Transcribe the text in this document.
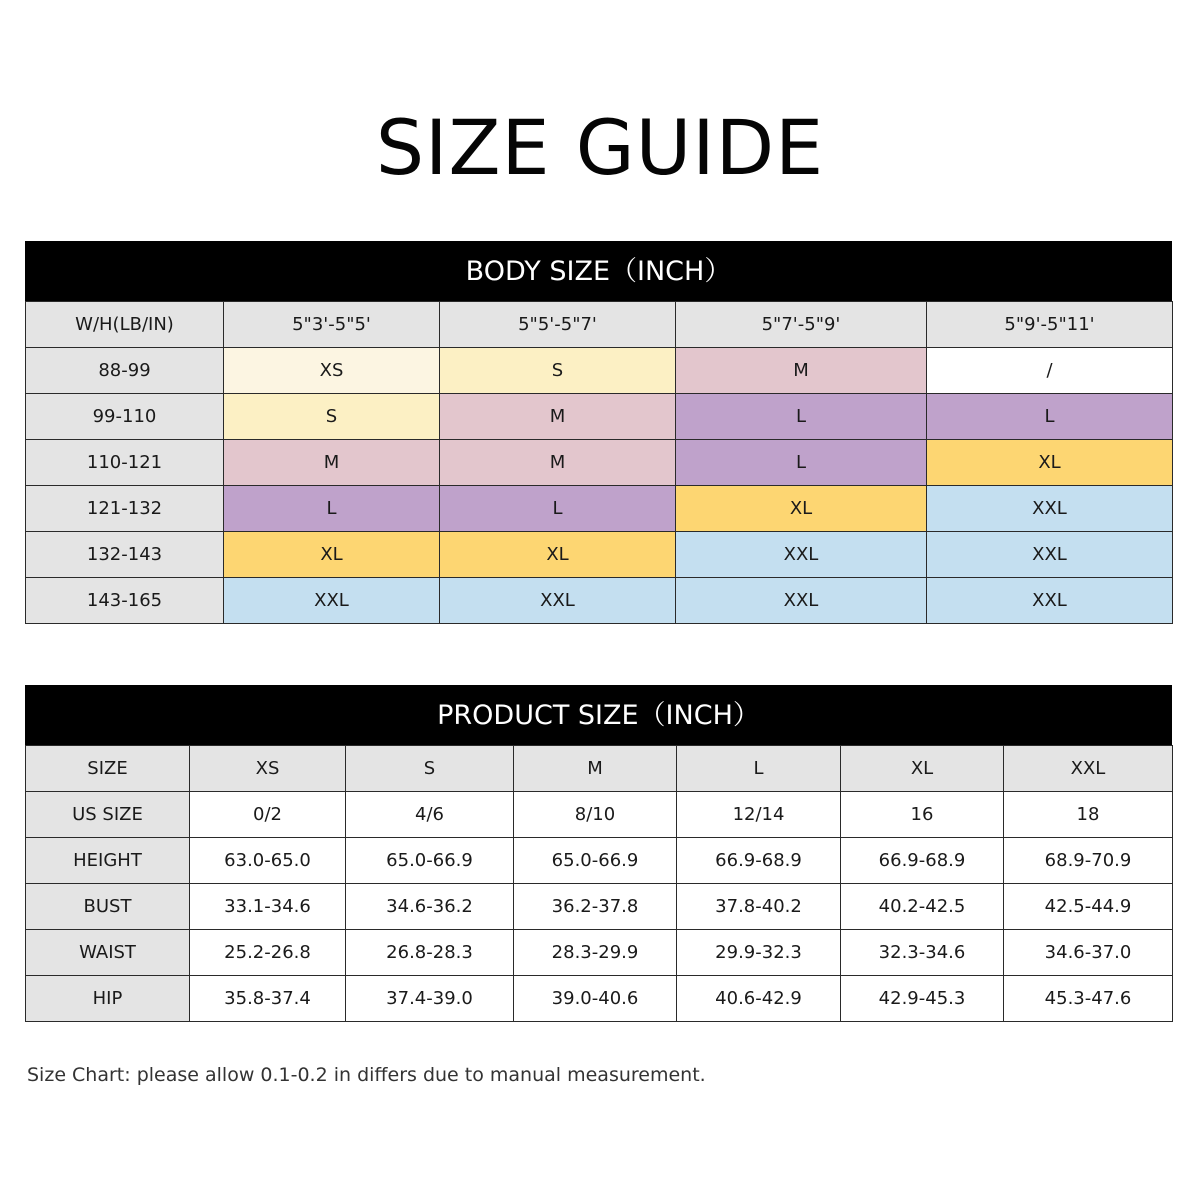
SIZE GUIDE
BODY SIZE（INCH）
W/H(LB/IN)	5"3'-5"5'	5"5'-5"7'	5"7'-5"9'	5"9'-5"11'
88-99	XS	S	M	/
99-110	S	M	L	L
110-121	M	M	L	XL
121-132	L	L	XL	XXL
132-143	XL	XL	XXL	XXL
143-165	XXL	XXL	XXL	XXL
PRODUCT SIZE（INCH）
SIZE	XS	S	M	L	XL	XXL
US SIZE	0/2	4/6	8/10	12/14	16	18
HEIGHT	63.0-65.0	65.0-66.9	65.0-66.9	66.9-68.9	66.9-68.9	68.9-70.9
BUST	33.1-34.6	34.6-36.2	36.2-37.8	37.8-40.2	40.2-42.5	42.5-44.9
WAIST	25.2-26.8	26.8-28.3	28.3-29.9	29.9-32.3	32.3-34.6	34.6-37.0
HIP	35.8-37.4	37.4-39.0	39.0-40.6	40.6-42.9	42.9-45.3	45.3-47.6
Size Chart: please allow 0.1-0.2 in differs due to manual measurement.
